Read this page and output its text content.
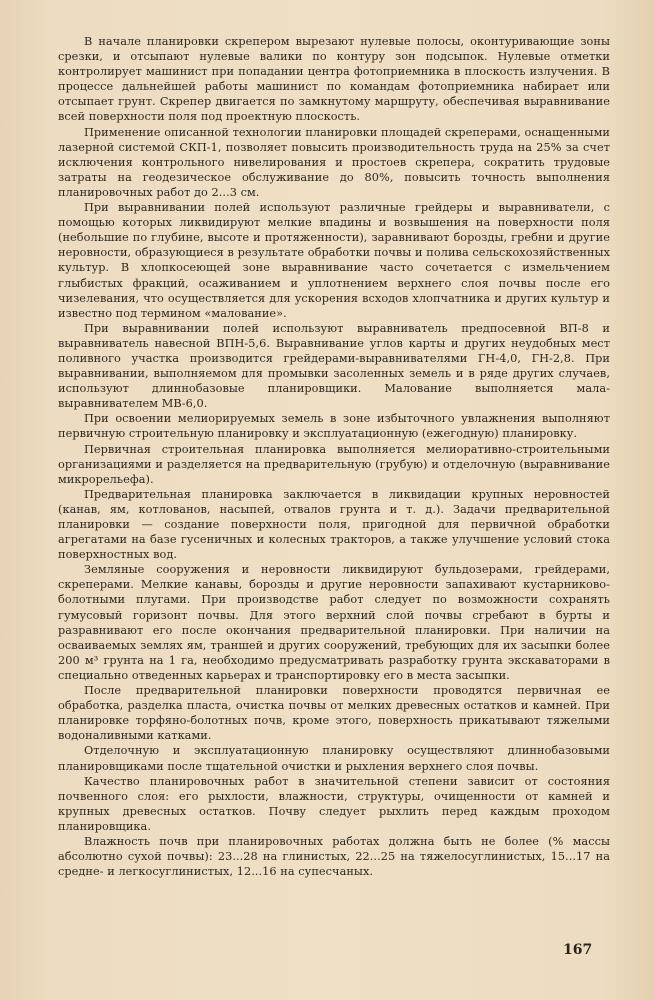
В начале планировки скрепером вырезают нулевые полосы, оконтуривающие зоны срезки, и отсыпают нулевые валики по контуру зон подсыпок. Нулевые отметки контролирует машинист при попадании центра фотоприемника в плоскость излучения. В процессе дальнейшей работы машинист по командам фотоприемника набирает или отсыпает грунт. Скрепер двигается по замкнутому маршруту, обеспечивая выравнивание всей поверхности поля под проектную плоскость.

Применение описанной технологии планировки площадей скреперами, оснащенными лазерной системой СКП-1, позволяет повысить производительность труда на 25% за счет исключения контрольного нивелирования и простоев скрепера, сократить трудовые затраты на геодезическое обслуживание до 80%, повысить точность выполнения планировочных работ до 2...3 см.

При выравнивании полей используют различные грейдеры и выравниватели, с помощью которых ликвидируют мелкие впадины и возвышения на поверхности поля (небольшие по глубине, высоте и протяженности), заравнивают борозды, гребни и другие неровности, образующиеся в результате обработки почвы и полива сельскохозяйственных культур. В хлопкосеющей зоне выравнивание часто сочетается с измельчением глыбистых фракций, осаживанием и уплотнением верхнего слоя почвы после его чизелевания, что осуществляется для ускорения всходов хлопчатника и других культур и известно под термином «малование».

При выравнивании полей используют выравниватель предпосевной ВП-8 и выравниватель навесной ВПН-5,6. Выравнивание углов карты и других неудобных мест поливного участка производится грейдерами-выравнивателями ГН-4,0, ГН-2,8. При выравнивании, выполняемом для промывки засоленных земель и в ряде других случаев, используют длиннобазовые планировщики. Малование выполняется мала-выравнивателем МВ-6,0.

При освоении мелиорируемых земель в зоне избыточного увлажнения выполняют первичную строительную планировку и эксплуатационную (ежегодную) планировку.

Первичная строительная планировка выполняется мелиоративно-строительными организациями и разделяется на предварительную (грубую) и отделочную (выравнивание микрорельефа).

Предварительная планировка заключается в ликвидации крупных неровностей (канав, ям, котлованов, насыпей, отвалов грунта и т. д.). Задачи предварительной планировки — создание поверхности поля, пригодной для первичной обработки агрегатами на базе гусеничных и колесных тракторов, а также улучшение условий стока поверхностных вод.

Земляные сооружения и неровности ликвидируют бульдозерами, грейдерами, скреперами. Мелкие канавы, борозды и другие неровности запахивают кустарниково-болотными плугами. При производстве работ следует по возможности сохранять гумусовый горизонт почвы. Для этого верхний слой почвы сгребают в бурты и разравнивают его после окончания предварительной планировки. При наличии на осваиваемых землях ям, траншей и других сооружений, требующих для их засыпки более 200 м³ грунта на 1 га, необходимо предусматривать разработку грунта экскаваторами в специально отведенных карьерах и транспортировку его в места засыпки.

После предварительной планировки поверхности проводятся первичная ее обработка, разделка пласта, очистка почвы от мелких древесных остатков и камней. При планировке торфяно-болотных почв, кроме этого, поверхность прикатывают тяжелыми водоналивными катками.

Отделочную и эксплуатационную планировку осуществляют длиннобазовыми планировщиками после тщательной очистки и рыхления верхнего слоя почвы.

Качество планировочных работ в значительной степени зависит от состояния почвенного слоя: его рыхлости, влажности, структуры, очищенности от камней и крупных древесных остатков. Почву следует рыхлить перед каждым проходом планировщика.

Влажность почв при планировочных работах должна быть не более (% массы абсолютно сухой почвы): 23...28 на глинистых, 22...25 на тяжелосуглинистых, 15...17 на средне- и легкосуглинистых, 12...16 на супесчаных.

167
